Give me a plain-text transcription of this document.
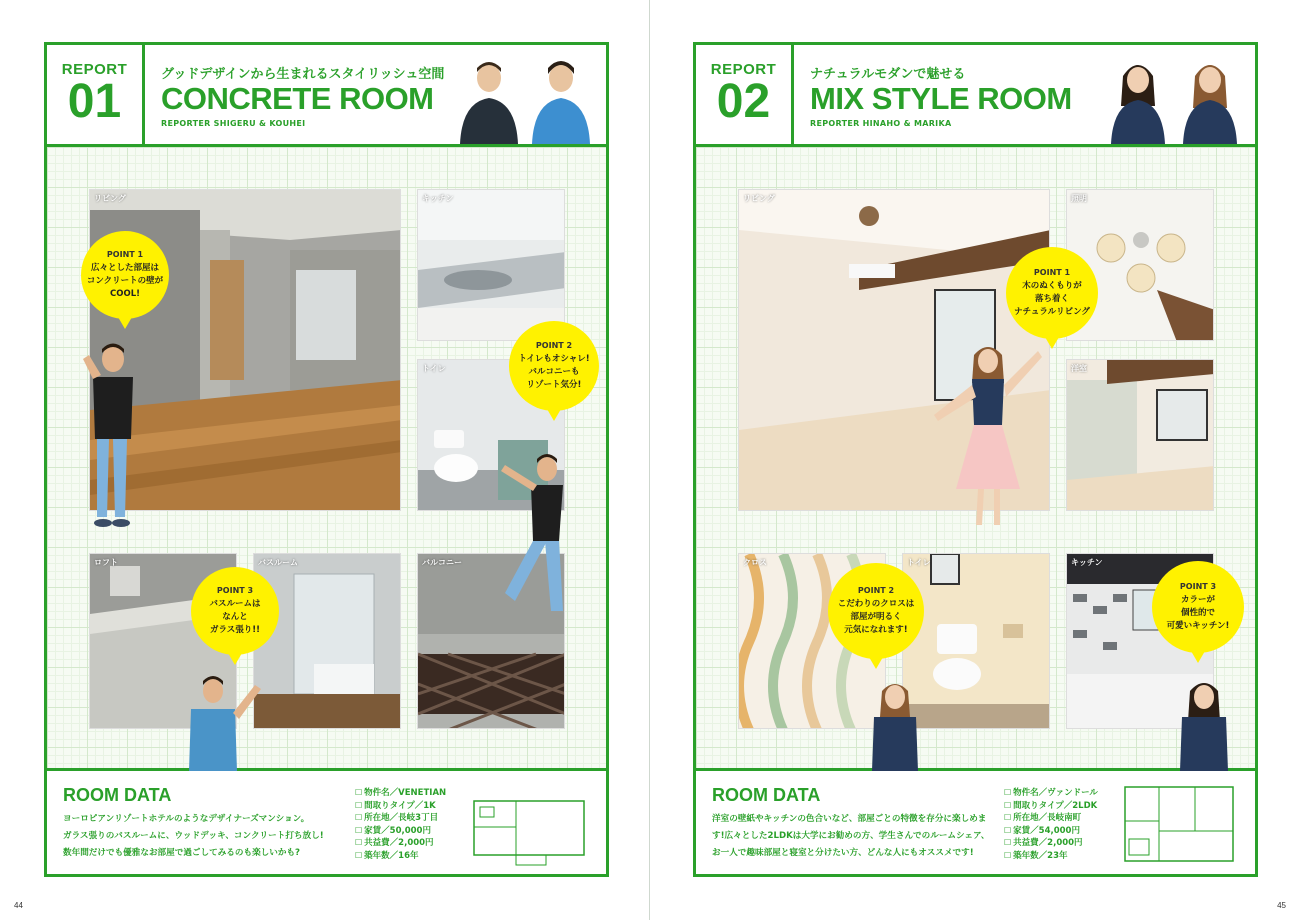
REPORT
01
グッドデザインから生まれるスタイリッシュ空間
CONCRETE ROOM
REPORTER SHIGERU & KOUHEI
リビング	キッチン
トイレ
ロフト	バスルーム	バルコニー
POINT 1
広々とした部屋は
コンクリートの壁が
COOL!
POINT 2
トイレもオシャレ!
バルコニーも
リゾート気分!
POINT 3
バスルームは
なんと
ガラス張り!!
ROOM DATA
ヨーロピアンリゾートホテルのようなデザイナーズマンション。
ガラス張りのバスルームに、ウッドデッキ、コンクリート打ち放し!
数年間だけでも優雅なお部屋で過ごしてみるのも楽しいかも?
☐ 物件名／VENETIAN
☐ 間取りタイプ／1K
☐ 所在地／長岐3丁目
☐ 家賃／50,000円
☐ 共益費／2,000円
☐ 築年数／16年
44
REPORT
02
ナチュラルモダンで魅せる
MIX STYLE ROOM
REPORTER HINAHO & MARIKA
リビング	照明
洋室
クロス	トイレ	キッチン
POINT 1
木のぬくもりが
落ち着く
ナチュラルリビング
POINT 2
こだわりのクロスは
部屋が明るく
元気になれます!
POINT 3
カラーが
個性的で
可愛いキッチン!
ROOM DATA
洋室の壁紙やキッチンの色合いなど、部屋ごとの特徴を存分に楽しめま
す!広々とした2LDKは大学にお勧めの方、学生さんでのルームシェア、
お一人で趣味部屋と寝室と分けたい方、どんな人にもオススメです!
☐ 物件名／ヴァンドール
☐ 間取りタイプ／2LDK
☐ 所在地／長岐南町
☐ 家賃／54,000円
☐ 共益費／2,000円
☐ 築年数／23年
45
